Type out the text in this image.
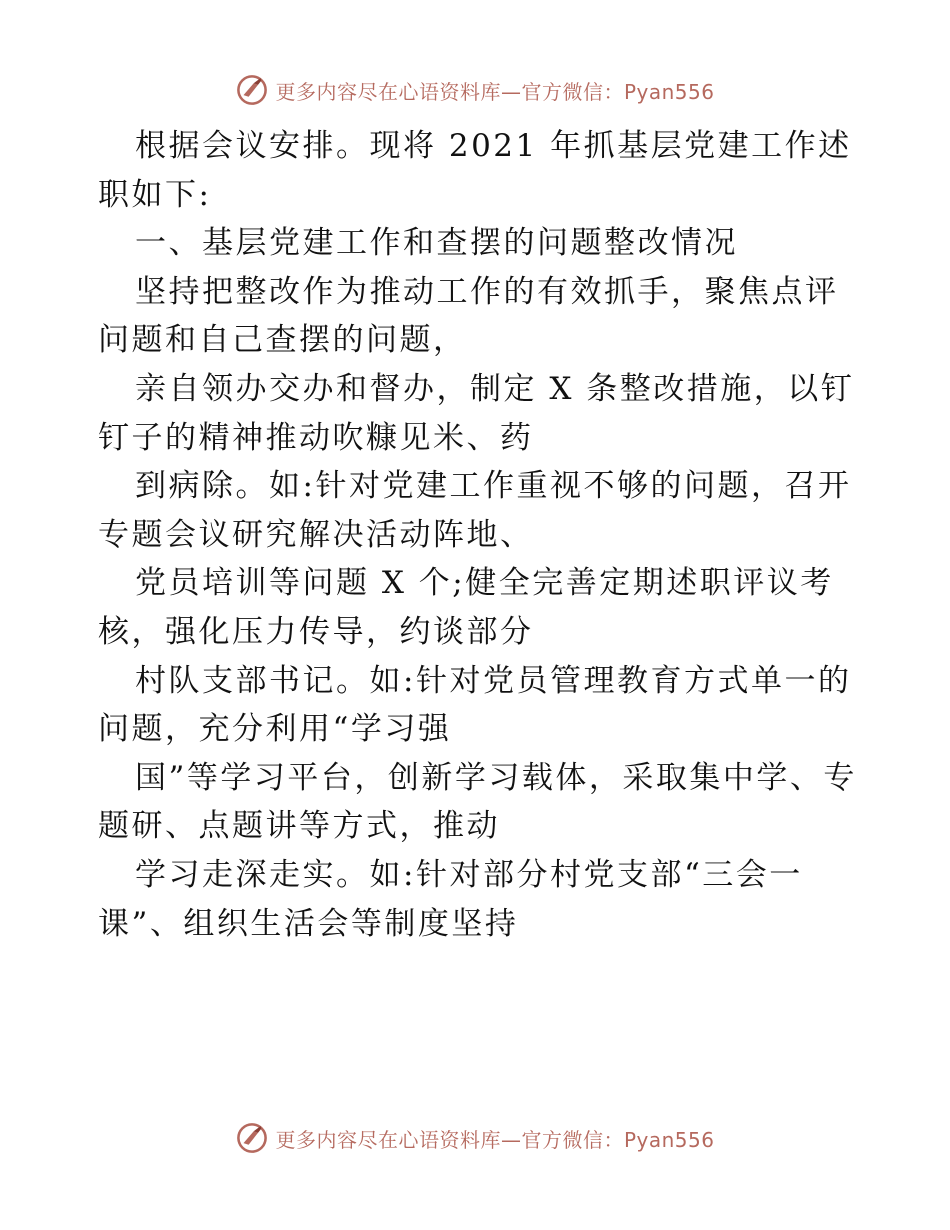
更多内容尽在心语资料库—官方微信：Pyan556

根据会议安排。现将 2021 年抓基层党建工作述职如下:

一、基层党建工作和查摆的问题整改情况

坚持把整改作为推动工作的有效抓手，聚焦点评问题和自己查摆的问题，

亲自领办交办和督办，制定 X 条整改措施，以钉钉子的精神推动吹糠见米、药

到病除。如:针对党建工作重视不够的问题，召开专题会议研究解决活动阵地、

党员培训等问题 X 个;健全完善定期述职评议考核，强化压力传导，约谈部分

村队支部书记。如:针对党员管理教育方式单一的问题，充分利用“学习强

国”等学习平台，创新学习载体，采取集中学、专题研、点题讲等方式，推动

学习走深走实。如:针对部分村党支部“三会一课”、组织生活会等制度坚持

更多内容尽在心语资料库—官方微信：Pyan556
